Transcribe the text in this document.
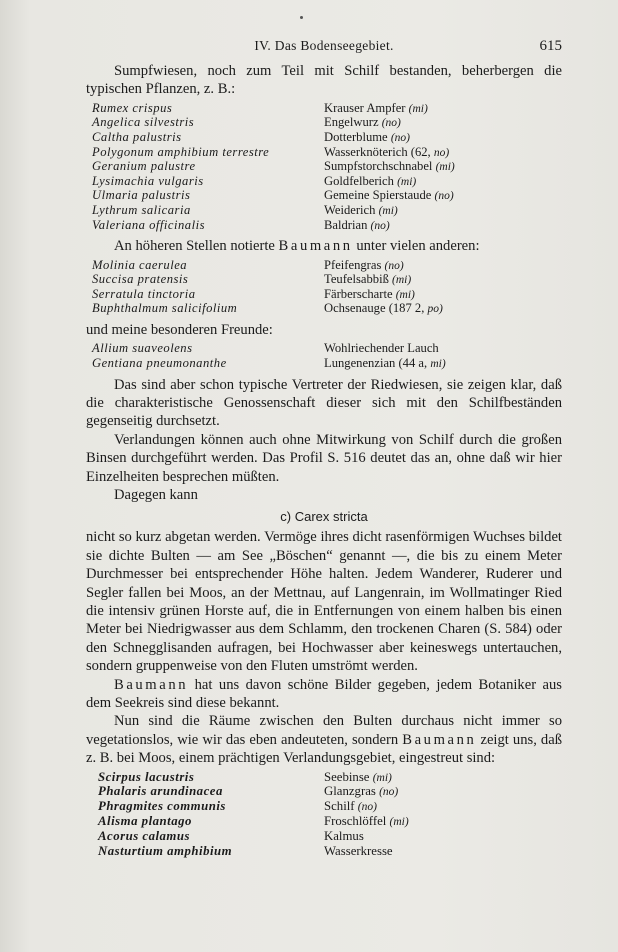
IV. Das Bodenseegebiet.	615

Sumpfwiesen, noch zum Teil mit Schilf bestanden, beherbergen die typischen Pflanzen, z. B.:

Rumex crispus	Krauser Ampfer (mi)
Angelica silvestris	Engelwurz (no)
Caltha palustris	Dotterblume (no)
Polygonum amphibium terrestre	Wasserknöterich (62, no)
Geranium palustre	Sumpfstorchschnabel (mi)
Lysimachia vulgaris	Goldfelberich (mi)
Ulmaria palustris	Gemeine Spierstaude (no)
Lythrum salicaria	Weiderich (mi)
Valeriana officinalis	Baldrian (no)

An höheren Stellen notierte Baumann unter vielen anderen:

Molinia caerulea	Pfeifengras (no)
Succisa pratensis	Teufelsabbiß (mi)
Serratula tinctoria	Färberscharte (mi)
Buphthalmum salicifolium	Ochsenauge (187 2, po)

und meine besonderen Freunde:

Allium suaveolens	Wohlriechender Lauch
Gentiana pneumonanthe	Lungenenzian (44 a, mi)

Das sind aber schon typische Vertreter der Riedwiesen, sie zeigen klar, daß die charakteristische Genossenschaft dieser sich mit den Schilfbeständen gegenseitig durchsetzt.

Verlandungen können auch ohne Mitwirkung von Schilf durch die großen Binsen durchgeführt werden. Das Profil S. 516 deutet das an, ohne daß wir hier Einzelheiten besprechen müßten.

Dagegen kann

c) Carex stricta

nicht so kurz abgetan werden. Vermöge ihres dicht rasenförmigen Wuchses bildet sie dichte Bulten — am See „Böschen“ genannt —, die bis zu einem Meter Durchmesser bei entsprechender Höhe halten. Jedem Wanderer, Ruderer und Segler fallen bei Moos, an der Mettnau, auf Langenrain, im Wollmatinger Ried die intensiv grünen Horste auf, die in Entfernungen von einem halben bis einen Meter bei Niedrigwasser aus dem Schlamm, den trockenen Charen (S. 584) oder den Schnegglisanden aufragen, bei Hochwasser aber keineswegs untertauchen, sondern gruppenweise von den Fluten umströmt werden.

Baumann hat uns davon schöne Bilder gegeben, jedem Botaniker aus dem Seekreis sind diese bekannt.

Nun sind die Räume zwischen den Bulten durchaus nicht immer so vegetationslos, wie wir das eben andeuteten, sondern Baumann zeigt uns, daß z. B. bei Moos, einem prächtigen Verlandungsgebiet, eingestreut sind:

Scirpus lacustris	Seebinse (mi)
Phalaris arundinacea	Glanzgras (no)
Phragmites communis	Schilf (no)
Alisma plantago	Froschlöffel (mi)
Acorus calamus	Kalmus
Nasturtium amphibium	Wasserkresse
